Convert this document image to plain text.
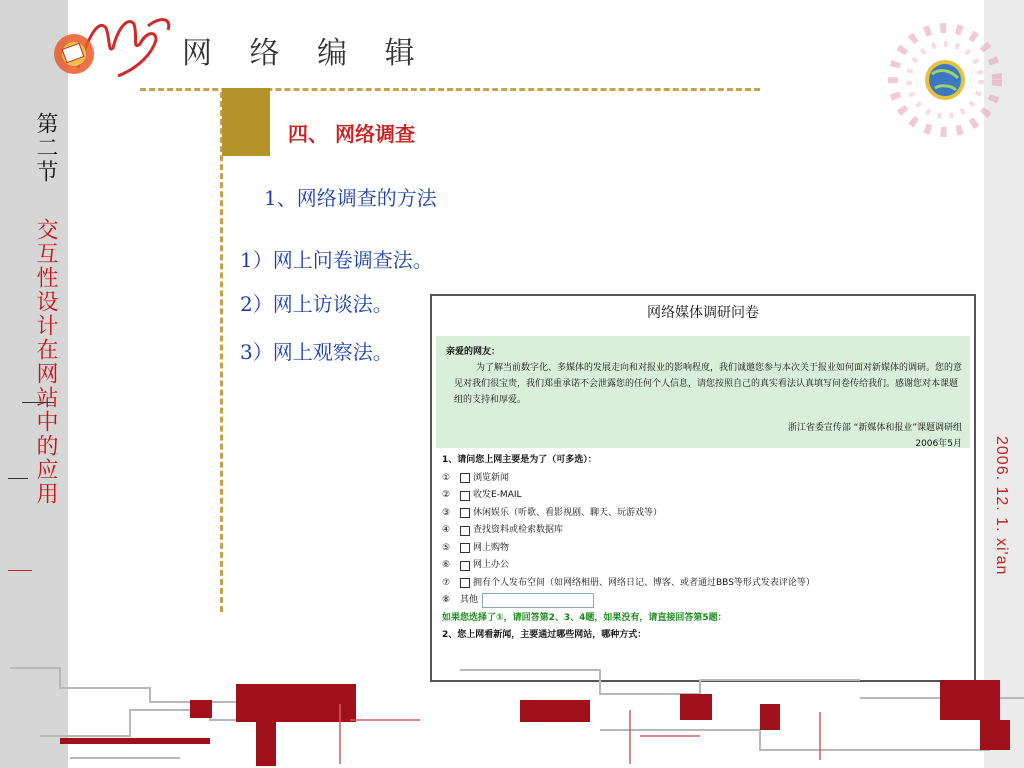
网 络 编 辑
第二节
交互性设计在网站中的应用	2006. 12. 1. xi'an
四、 网络调查
1、网络调查的方法
1）网上问卷调查法。
2）网上访谈法。
3）网上观察法。
网络媒体调研问卷
亲爱的网友：
为了解当前数字化、多媒体的发展走向和对报业的影响程度，我们诚邀您参与本次关于报业如何面对新媒体的调研。您的意见对我们很宝贵，我们郑重承诺不会泄露您的任何个人信息，请您按照自己的真实看法认真填写问卷传给我们。感谢您对本课题组的支持和厚爱。
浙江省委宣传部 “新媒体和报业”课题调研组
2006年5月
1、请问您上网主要是为了（可多选）：
①	浏览新闻
②	收发E-MAIL
③	休闲娱乐（听歌、看影视剧、聊天、玩游戏等）
④	查找资料或检索数据库
⑤	网上购物
⑥	网上办公
⑦	拥有个人发布空间（如网络相册、网络日记、博客、或者通过BBS等形式发表评论等）
⑧	其他
如果您选择了①，请回答第2、3、4题，如果没有，请直接回答第5题：
2、您上网看新闻，主要通过哪些网站，哪种方式：
